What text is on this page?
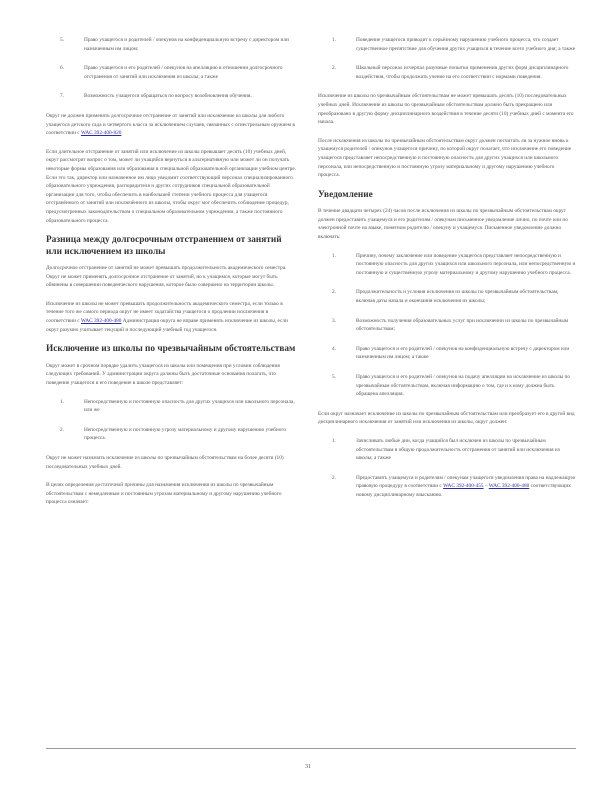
5.	Право учащегося и родителей / опекунов на конфиденциальную встречу с директором или назначенным им лицом;
6.	Право учащегося и его родителей / опекунов на апелляцию в отношении долгосрочного отстранения от занятий или исключения из школы; а также
7.	Возможность учащегося обращаться по вопросу возобновления обучения.

Округ не должен применять долгосрочное отстранение от занятий или исключение из школы для любого учащегося детского сада и четвертого класса за исключением случаев, связанных с огнестрельным оружием в соответствии с WAC 392-400-820

Если длительное отстранение от занятий или исключение из школы превышает десять (10) учебных дней, округ рассмотрит вопрос о том, может ли учащийся вернуться в альтернативную или может ли он получать некоторые формы образования или образования в специальной образовательной организации учебном центре. Если это так, директор или назначенное им лицо уведомит соответствующий персонал специализированного образовательного учреждения, распорядителя и других сотрудников специальной образовательной организации для того, чтобы обеспечить в наибольшей степени учебного процесса для учащегося отстранённого от занятий или исключённого из школы, чтобы округ мог обеспечить соблюдение процедур, предусмотренных законодательством о специальном образовательном учреждении, а также постоянного образовательного процесса.

Разница между долгосрочным отстранением от занятий или исключением из школы

Долгосрочное отстранение от занятий не может превышать продолжительность академического семестра. Округ не может применять долгосрочное отстранение от занятий, но к учащимся, которые могут быть обвинены в совершении поведенческого нарушения, которое было совершено на территории школы.

Исключение из школы не может превышать продолжительность академического семестра, если только в течение того же самого периода округ не имеет ходатайства учащегося о продлении исключения в соответствии с WAC 392-400-480 Администрация округа не вправе применять исключение из школы, если округ разумно учитывает текущий и последующий учебный год учащегося.

Исключение из школы по чрезвычайным обстоятельствам

Округ может в срочном порядке удалить учащегося из школы или помещения при условии соблюдения следующих требований. У администрации округа должны быть достаточные основания полагать, что поведение учащегося и его поведение в школе представляет:

1.	Непосредственную и постоянную опасность для других учащихся или школьного персонала, или же
2.	Непосредственную и постоянную угрозу материальному и другому нарушению учебного процесса.

Округ не может назначать исключение из школы по чрезвычайным обстоятельствам на более десяти (10) последовательных учебных дней.

В целях определения достаточной причины для назначения исключения из школы по чрезвычайным обстоятельствам с немедленным и постоянным угрозам материальному и другому нарушению учебного процесса означает:

1.	Поведение учащегося приводит к серьёзному нарушению учебного процесса, что создает существенное препятствие для обучения других учащихся в течение всего учебного дня; а также
2.	Школьный персонал исчерпал разумные попытки применения других форм дисциплинарного воздействия, чтобы продолжать учение на его соответствии с нормами поведения.

Исключение из школы по чрезвычайным обстоятельствам не может превышать десять (10) последовательных учебных дней. Исключение из школы по чрезвычайным обстоятельствам должно быть прекращено или преобразовано в другую форму дисциплинарного воздействия в течение десяти (10) учебных дней с момента его начала.

После исключения из школы по чрезвычайным обстоятельствам округ должен посчитать ли за нужное вновь к учащемуся родителей / опекунов учащегося причину, по которой округ полагает, что исключение его поведение учащегося представляет непосредственную и постоянную опасность для других учащихся или школьного персонала, или непосредственную и постоянную угрозу материальному и другому нарушению учебного процесса.

Уведомление

В течение двадцати четырех (24) часов после исключения из школы по чрезвычайным обстоятельствам округ должен предоставить учащемуся и его родителям / опекунам письменное уведомление лично, по почте или по электронной почте на языке, понятном родителю / опекуну и учащемуся. Письменное уведомление должно включать:

1.	Причину, почему заключение или поведение учащегося представляет непосредственную и постоянную опасность для других учащихся или школьного персонала, или непосредственную и постоянную и существенную угрозу материальному и другому нарушению учебного процесса.
2.	Продолжительность и условия исключения из школы по чрезвычайным обстоятельствам, включая даты начала и окончания исключения из школы;
3.	Возможность получения образовательных услуг при исключении из школы по чрезвычайным обстоятельствам;
4.	Право учащегося и его родителей / опекунов на конфиденциальную встречу с директором или назначенным им лицом; а также
5.	Право учащегося и его родителей / опекунов на подачу апелляции на исключение из школы по чрезвычайным обстоятельствам, включая информацию о том, где и к кому должна быть обращена апелляция.

Если округ назначает исключение из школы по чрезвычайным обстоятельствам или преобразует его в другой вид дисциплинарного исключения от занятий или исключения из школы, округ должен:

1.	Зачисливать любые дни, когда учащийся был исключен из школы по чрезвычайным обстоятельствам в общую продолжительность отстранения от занятий или исключения из школы; а также
2.	Предоставить учащемуся и родителям / опекунам учащегося уведомления права на надлежащую правовую процедуру в соответствии с WAC 392-400-455 – WAC 392-400-480 соответствующих новому дисциплинарному взысканию.
31
